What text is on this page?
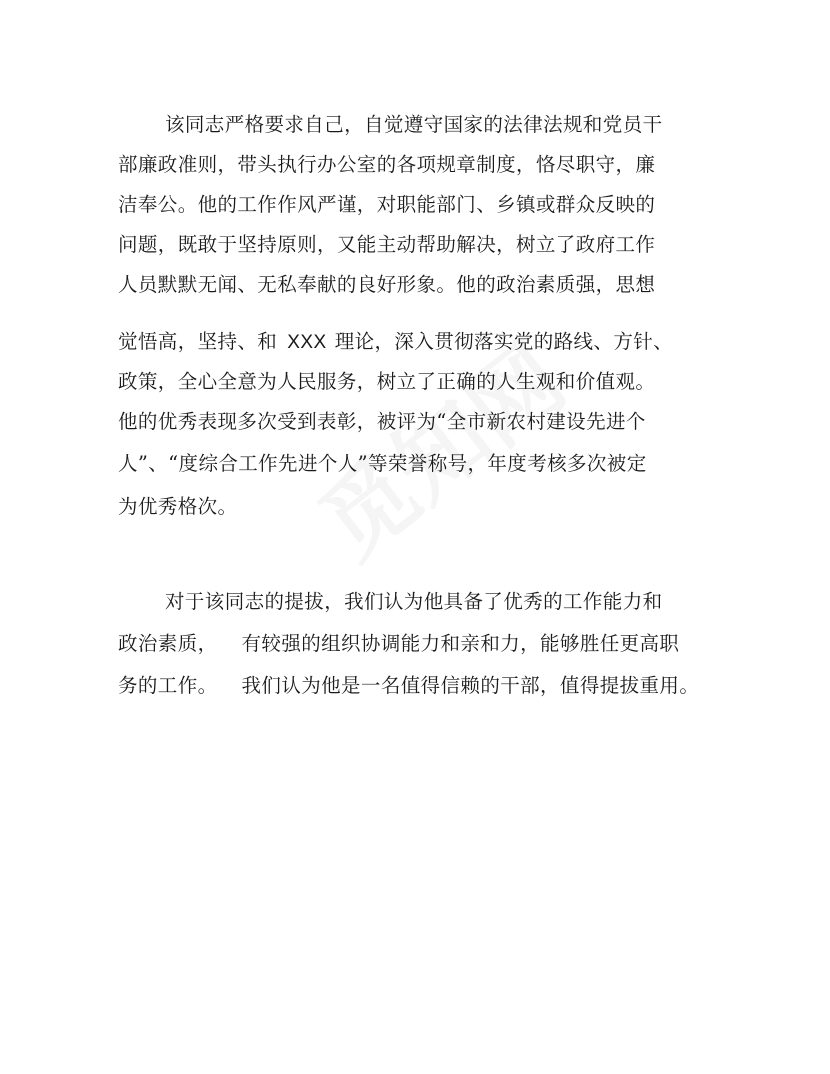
该同志严格要求自己，自觉遵守国家的法律法规和党员干
部廉政准则，带头执行办公室的各项规章制度，恪尽职守，廉
洁奉公。他的工作作风严谨，对职能部门、乡镇或群众反映的
问题，既敢于坚持原则，又能主动帮助解决，树立了政府工作
人员默默无闻、无私奉献的良好形象。他的政治素质强，思想
觉悟高，坚持、和 XXX 理论，深入贯彻落实党的路线、方针、
政策，全心全意为人民服务，树立了正确的人生观和价值观。
他的优秀表现多次受到表彰，被评为“全市新农村建设先进个
人”、“度综合工作先进个人”等荣誉称号，年度考核多次被定
为优秀格次。
对于该同志的提拔，我们认为他具备了优秀的工作能力和
政治素质， 有较强的组织协调能力和亲和力，能够胜任更高职
务的工作。 我们认为他是一名值得信赖的干部，值得提拔重用。
